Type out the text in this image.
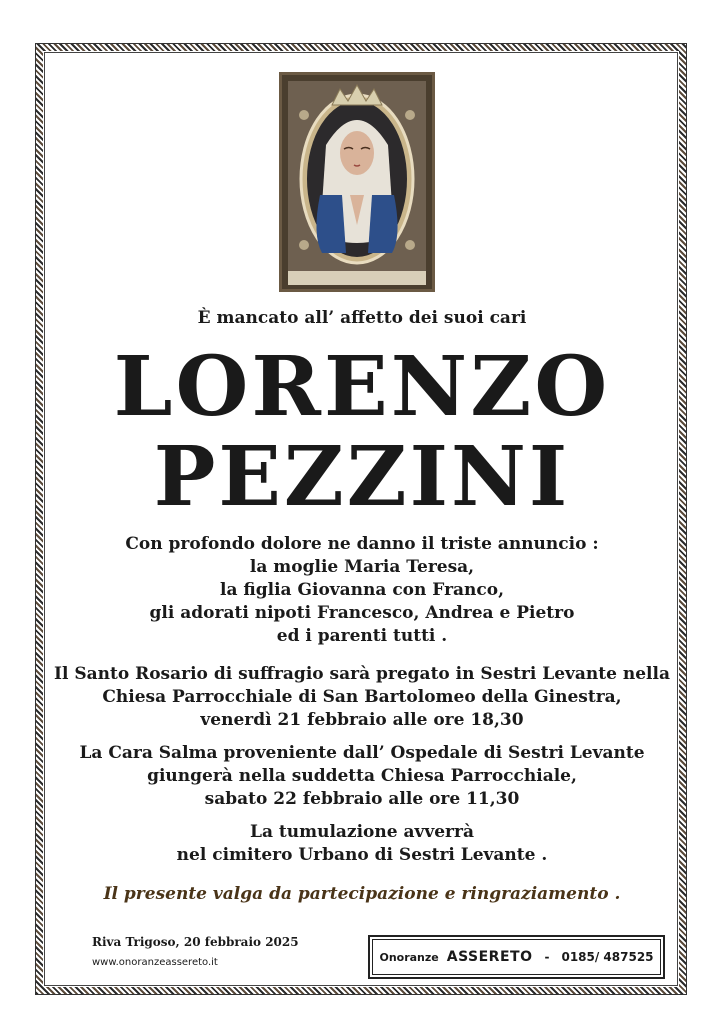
È mancato all’ affetto dei suoi cari

LORENZO

PEZZINI

Con profondo dolore ne danno il triste annuncio :

la moglie Maria Teresa,

la figlia Giovanna con Franco,

gli adorati nipoti Francesco, Andrea e Pietro

ed i parenti tutti .

Il Santo Rosario di suffragio sarà pregato in Sestri Levante nella

Chiesa Parrocchiale di San Bartolomeo della Ginestra,

venerdì 21 febbraio alle ore 18,30

La Cara Salma proveniente dall’ Ospedale di Sestri Levante

giungerà nella suddetta Chiesa Parrocchiale,

sabato 22 febbraio alle ore 11,30

La tumulazione avverrà

nel cimitero Urbano di Sestri Levante .

Il presente valga da partecipazione e ringraziamento .

Riva Trigoso, 20 febbraio 2025
www.onoranzeassereto.it	Onoranze ASSERETO - 0185/ 487525
